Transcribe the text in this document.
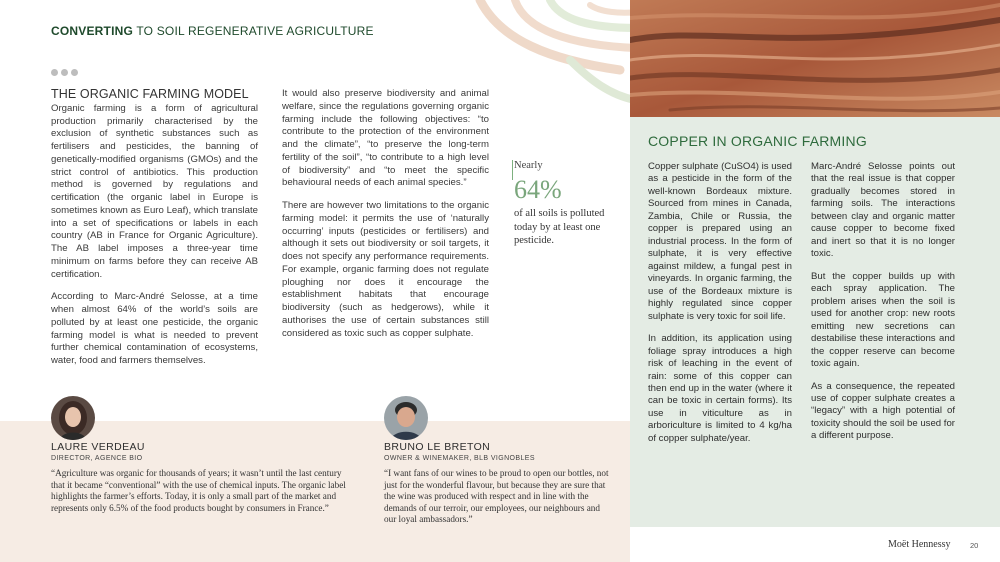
CONVERTING TO SOIL REGENERATIVE AGRICULTURE
THE ORGANIC FARMING MODEL

Organic farming is a form of agricultural production primarily characterised by the exclusion of synthetic substances such as fertilisers and pesticides, the banning of genetically-modified organisms (GMOs) and the strict control of antibiotics. This production method is governed by regulations and certification (the organic label in Europe is sometimes known as Euro Leaf), which translate into a set of specifications or labels in each country (AB in France for Organic Agriculture). The AB label imposes a three-year time minimum on farms before they can receive AB certification.

According to Marc-André Selosse, at a time when almost 64% of the world’s soils are polluted by at least one pesticide, the organic farming model is what is needed to prevent further chemical contamination of ecosystems, water, food and farmers themselves.

It would also preserve biodiversity and animal welfare, since the regulations governing organic farming include the following objectives: “to contribute to the protection of the environment and the climate”, “to preserve the long-term fertility of the soil”, “to contribute to a high level of biodiversity” and “to meet the specific behavioural needs of each animal species.”

There are however two limitations to the organic farming model: it permits the use of ‘naturally occurring’ inputs (pesticides or fertilisers) and although it sets out biodiversity or soil targets, it does not specify any performance requirements. For example, organic farming does not regulate ploughing nor does it encourage the establishment habitats that encourage biodiversity (such as hedgerows), while it authorises the use of certain substances still considered as toxic such as copper sulphate.

Nearly
64%
of all soils is polluted today by at least one pesticide.
LAURE VERDEAU
DIRECTOR, AGENCE BIO
“Agriculture was organic for thousands of years; it wasn’t until the last century that it became “conventional” with the use of chemical inputs. The organic label highlights the farmer’s efforts. Today, it is only a small part of the market and represents only 6.5% of the food products bought by consumers in France.”
BRUNO LE BRETON
OWNER & WINEMAKER, BLB VIGNOBLES
“I want fans of our wines to be proud to open our bottles, not just for the wonderful flavour, but because they are sure that the wine was produced with respect and in line with the demands of our terroir, our employees, our neighbours and our loyal ambassadors.”
COPPER IN ORGANIC FARMING

Copper sulphate (CuSO4) is used as a pesticide in the form of the well-known Bordeaux mixture. Sourced from mines in Canada, Zambia, Chile or Russia, the copper is prepared using an industrial process. In the form of sulphate, it is very effective against mildew, a fungal pest in vineyards. In organic farming, the use of the Bordeaux mixture is highly regulated since copper sulphate is very toxic for soil life.

In addition, its application using foliage spray introduces a high risk of leaching in the event of rain: some of this copper can then end up in the water (where it can be toxic in certain forms). Its use in viticulture as in arboriculture is limited to 4 kg/ha of copper sulphate/year.

Marc-André Selosse points out that the real issue is that copper gradually becomes stored in farming soils. The interactions between clay and organic matter cause copper to become fixed and inert so that it is no longer toxic.

But the copper builds up with each spray application. The problem arises when the soil is used for another crop: new roots emitting new secretions can destabilise these interactions and the copper reserve can become toxic again.

As a consequence, the repeated use of copper sulphate creates a “legacy” with a high potential of toxicity should the soil be used for a different purpose.

Moët Hennessy	20
